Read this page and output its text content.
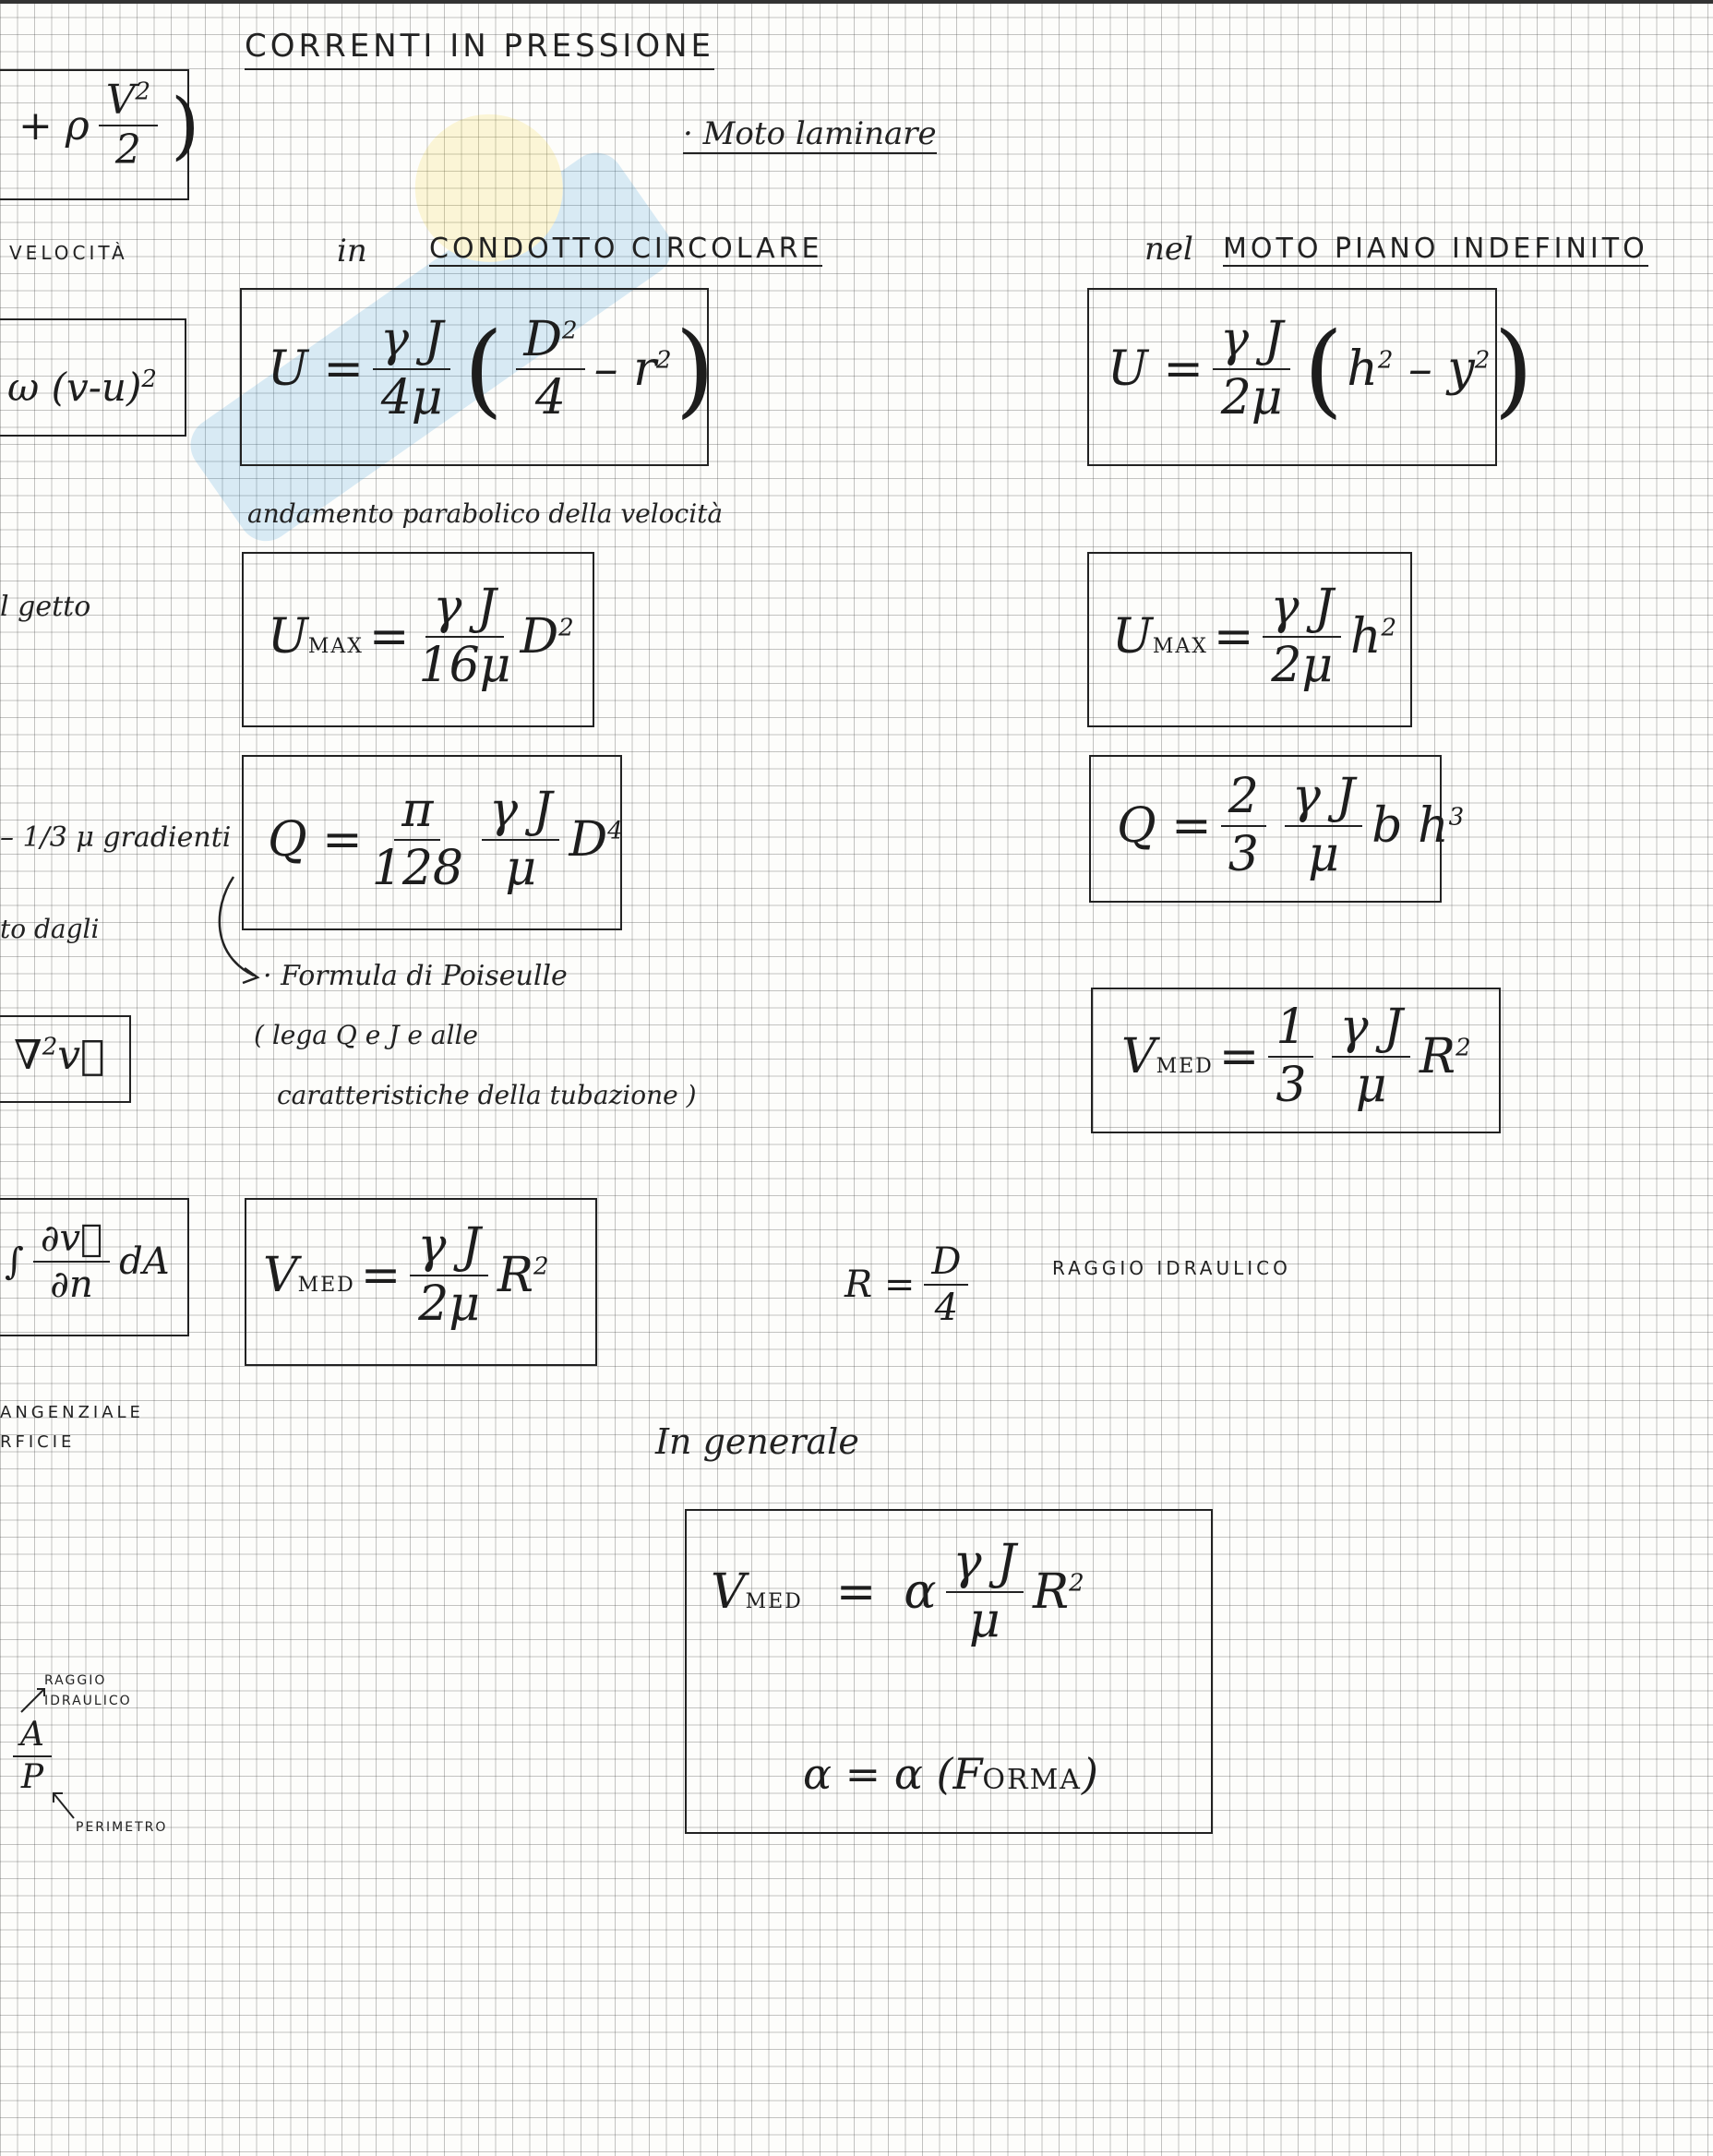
CORRENTI IN PRESSIONE
· Moto laminare
+ ρ $\frac{V^2}{2}$ )
VELOCITÀ	in CONDOTTO CIRCOLARE	nel MOTO PIANO INDEFINITO
ω $(v-u)^2$ $U = \frac{\text{γ J}}{4\mu}$ ( $\frac{D^2}{4} - r^2$ )	$U = \frac{\text{γ J}}{2\mu}$ ( $h^2 - y^2$ )
andamento parabolico della velocità
l getto
U MAX = $\frac{\text{γ J}}{16\mu} D^2$	U MAX = $\frac{\text{γ J}}{2\mu} h^2$
– 1/3 μ gradienti
to dagli
$Q = \frac{\pi}{128} \frac{\text{γ J}}{\mu} D^4$	$Q = \frac{2}{3} \frac{\text{γ J}}{\mu}$ b $h^3$
· Formula di Poiseulle
( lega Q e J e alle
caratteristiche della tubazione )
∇$^2$v⃗	V MED = $\frac{1}{3} \frac{\text{γ J}}{\mu} R^2$
∫ $\frac{\partial v⃗}{\partial n}$ dA V MED = $\frac{\text{γ J}}{2\mu} R^2$	$R = \frac{D}{4}$	RAGGIO IDRAULICO
ANGENZIALE
RFICIE	In generale
V MED = α $\frac{\text{γ J}}{\mu} R^2$
α = α (FORMA)
RAGGIO IDRAULICO
$\frac{A}{P}$
PERIMETRO
